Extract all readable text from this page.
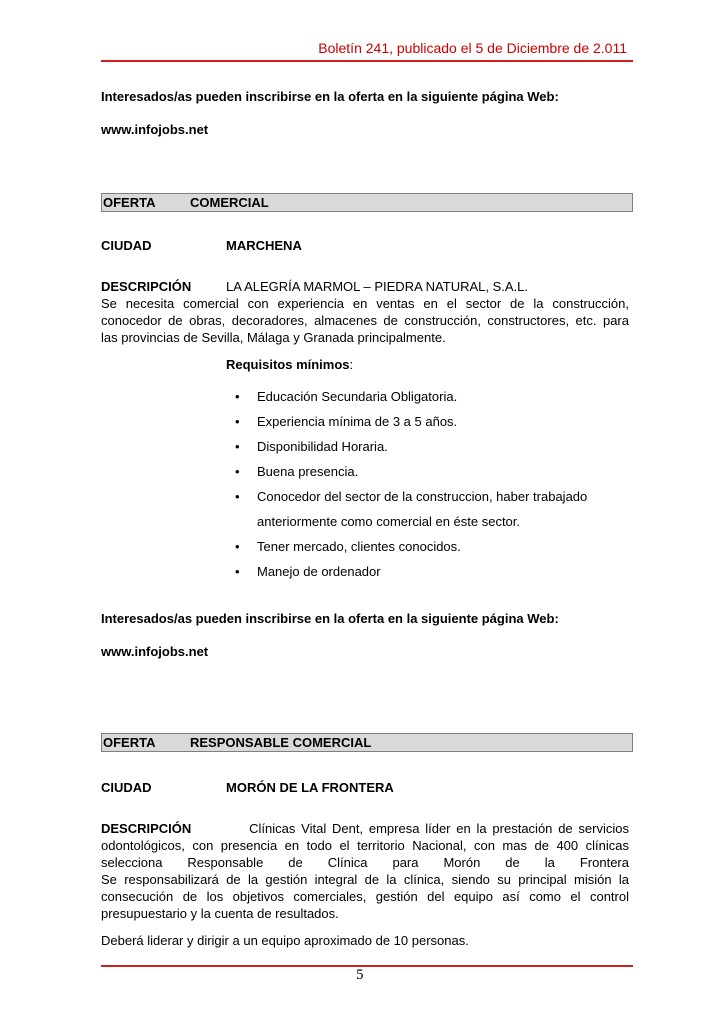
Boletín 241, publicado el 5 de Diciembre de 2.011
Interesados/as pueden inscribirse en la oferta en la siguiente página Web:
www.infojobs.net
OFERTA	COMERCIAL
CIUDAD	MARCHENA
DESCRIPCIÓN	LA ALEGRÍA MARMOL – PIEDRA NATURAL, S.A.L.
Se necesita comercial con experiencia en ventas en el sector de la construcción,
conocedor de obras, decoradores, almacenes de construcción, constructores, etc. para
las provincias de Sevilla, Málaga y Granada principalmente.
Requisitos mínimos:
• Educación Secundaria Obligatoria.
• Experiencia mínima de 3 a 5 años.
• Disponibilidad Horaria.
• Buena presencia.
• Conocedor del sector de la construccion, haber trabajado
anteriormente como comercial en éste sector.
• Tener mercado, clientes conocidos.
• Manejo de ordenador
Interesados/as pueden inscribirse en la oferta en la siguiente página Web:
www.infojobs.net
OFERTA	RESPONSABLE COMERCIAL
CIUDAD	MORÓN DE LA FRONTERA
DESCRIPCIÓN	Clínicas Vital Dent, empresa líder en la prestación de servicios
odontológicos, con presencia en todo el territorio Nacional, con mas de 400 clínicas
selecciona Responsable de Clínica para Morón de la Frontera
Se responsabilizará de la gestión integral de la clínica, siendo su principal misión la
consecución de los objetivos comerciales, gestión del equipo así como el control
presupuestario y la cuenta de resultados.
Deberá liderar y dirigir a un equipo aproximado de 10 personas.
5
